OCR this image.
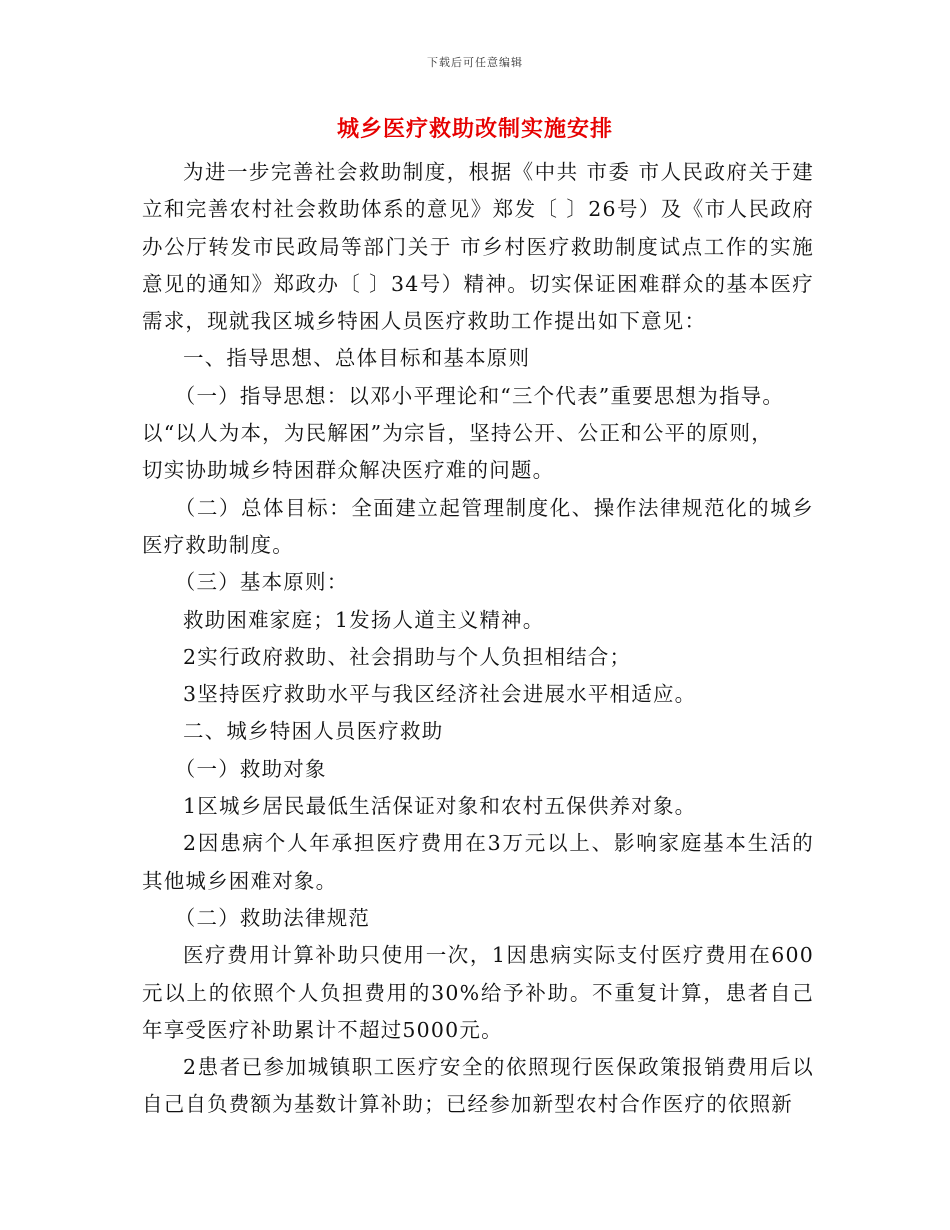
下载后可任意编辑
城乡医疗救助改制实施安排

为进一步完善社会救助制度，根据《中共 市委 市人民政府关于建立和完善农村社会救助体系的意见》郑发〔 〕26号）及《市人民政府办公厅转发市民政局等部门关于 市乡村医疗救助制度试点工作的实施意见的通知》郑政办〔 〕34号）精神。切实保证困难群众的基本医疗需求，现就我区城乡特困人员医疗救助工作提出如下意见：

一、指导思想、总体目标和基本原则

（一）指导思想：以邓小平理论和“三个代表”重要思想为指导。

以“以人为本，为民解困”为宗旨，坚持公开、公正和公平的原则，

切实协助城乡特困群众解决医疗难的问题。

（二）总体目标：全面建立起管理制度化、操作法律规范化的城乡医疗救助制度。

（三）基本原则：

救助困难家庭；1发扬人道主义精神。

2实行政府救助、社会捐助与个人负担相结合；

3坚持医疗救助水平与我区经济社会进展水平相适应。

二、城乡特困人员医疗救助

（一）救助对象

1区城乡居民最低生活保证对象和农村五保供养对象。

2因患病个人年承担医疗费用在3万元以上、影响家庭基本生活的其他城乡困难对象。

（二）救助法律规范

医疗费用计算补助只使用一次，1因患病实际支付医疗费用在600元以上的依照个人负担费用的30%给予补助。不重复计算，患者自己年享受医疗补助累计不超过5000元。

2患者已参加城镇职工医疗安全的依照现行医保政策报销费用后以自己自负费额为基数计算补助；已经参加新型农村合作医疗的依照新
